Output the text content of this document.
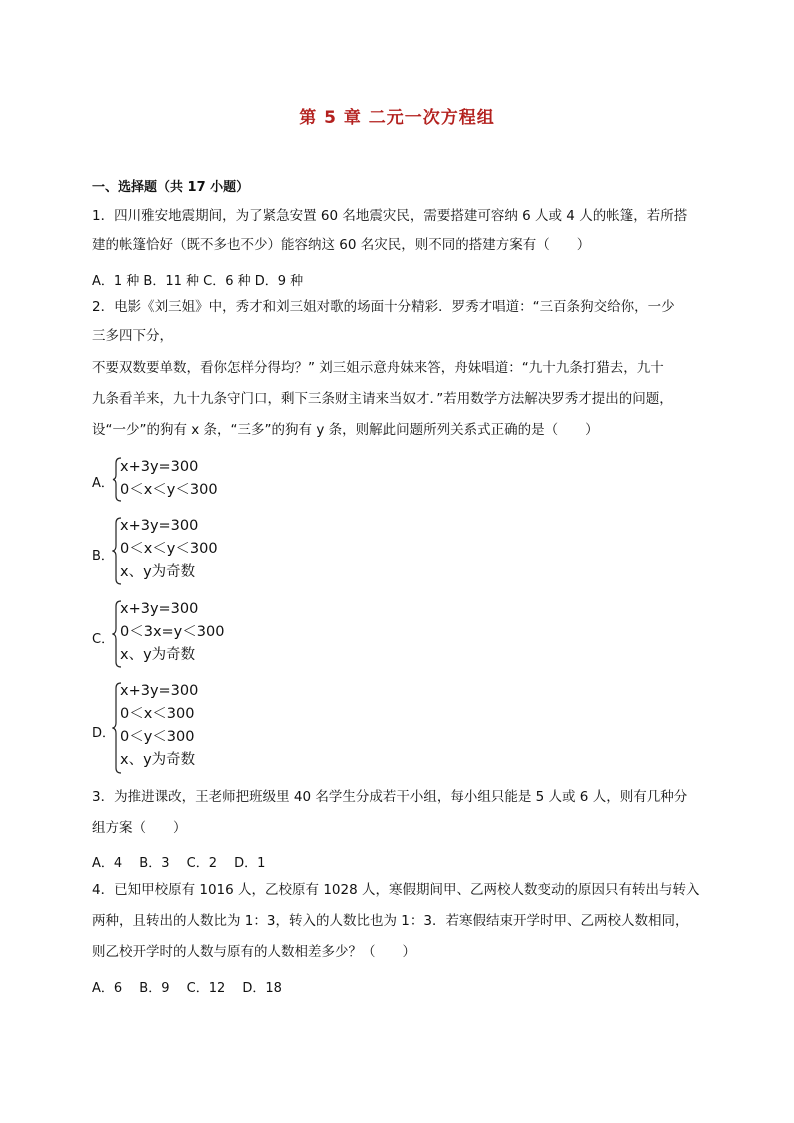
第 5 章 二元一次方程组
一、选择题（共 17 小题）
1．四川雅安地震期间，为了紧急安置 60 名地震灾民，需要搭建可容纳 6 人或 4 人的帐篷，若所搭
建的帐篷恰好（既不多也不少）能容纳这 60 名灾民，则不同的搭建方案有（　　）
A．1 种 B．11 种 C．6 种 D．9 种
2．电影《刘三姐》中，秀才和刘三姐对歌的场面十分精彩．罗秀才唱道：“三百条狗交给你，一少
三多四下分，
不要双数要单数，看你怎样分得均？” 刘三姐示意舟妹来答，舟妹唱道：“九十九条打猎去，九十
九条看羊来，九十九条守门口，剩下三条财主请来当奴才．”若用数学方法解决罗秀才提出的问题，
设“一少”的狗有 x 条，“三多”的狗有 y 条，则解此问题所列关系式正确的是（　　）
A．
x+3y=300
0＜x＜y＜300
B．
x+3y=300
0＜x＜y＜300
x、y为奇数
C．
x+3y=300
0＜3x=y＜300
x、y为奇数
D．
x+3y=300
0＜x＜300
0＜y＜300
x、y为奇数
3．为推进课改，王老师把班级里 40 名学生分成若干小组，每小组只能是 5 人或 6 人，则有几种分
组方案（　　）
A．4　 B．3　 C．2　 D．1
4．已知甲校原有 1016 人，乙校原有 1028 人，寒假期间甲、乙两校人数变动的原因只有转出与转入
两种，且转出的人数比为 1：3，转入的人数比也为 1：3．若寒假结束开学时甲、乙两校人数相同，
则乙校开学时的人数与原有的人数相差多少？（　　）
A．6　 B．9　 C．12　 D．18
